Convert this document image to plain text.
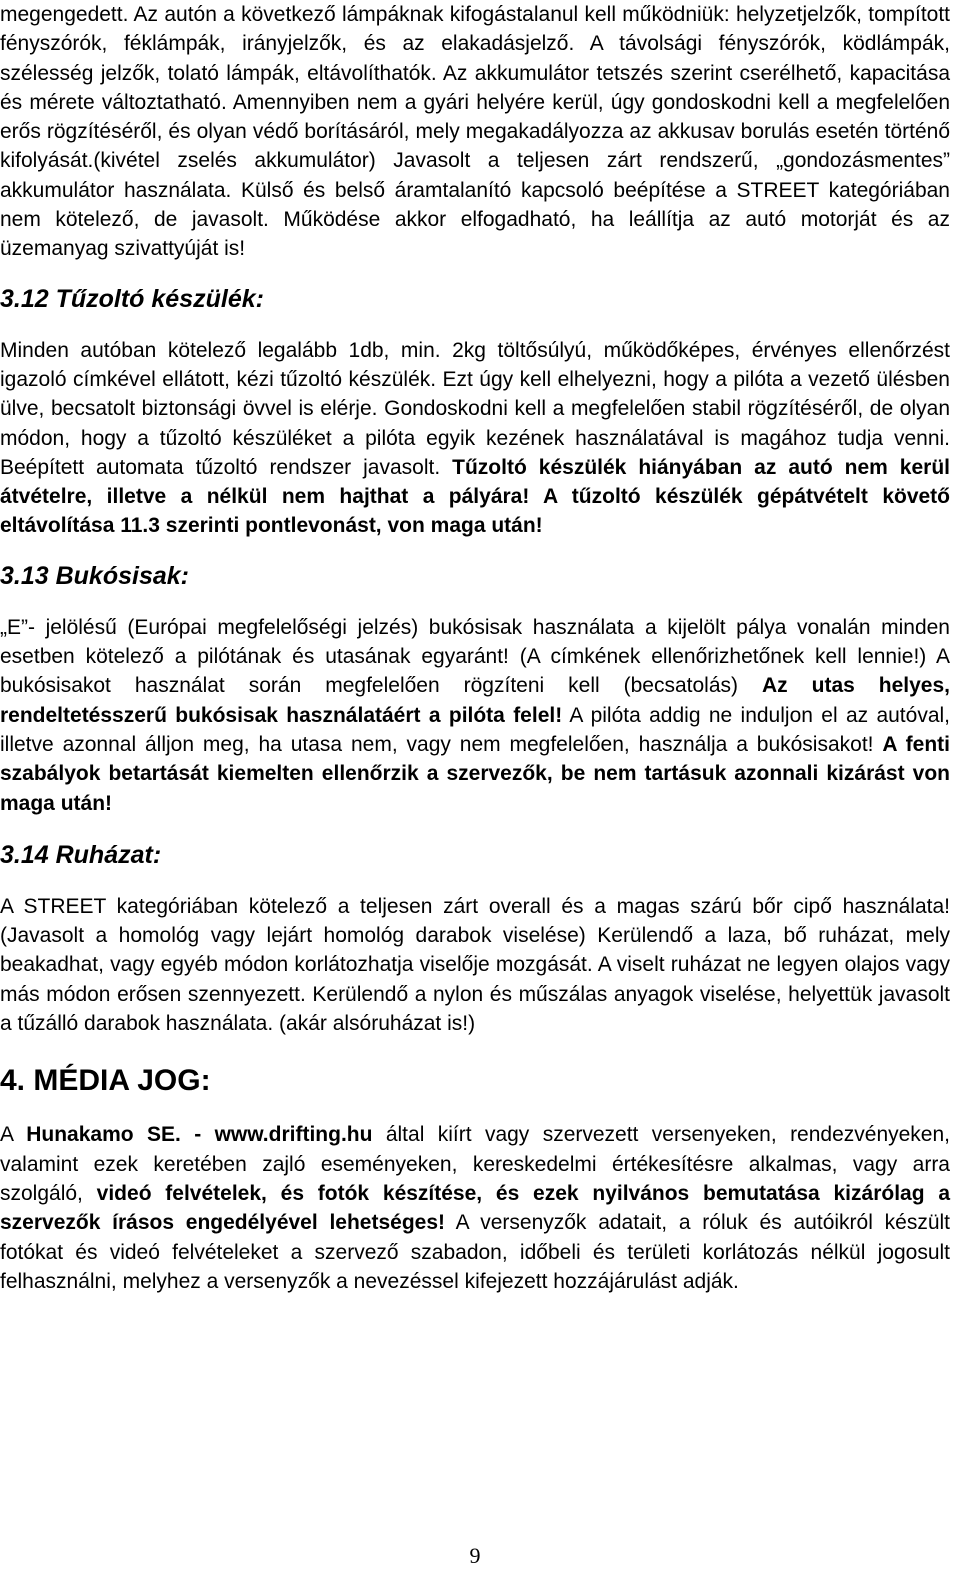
megengedett. Az autón a következő lámpáknak kifogástalanul kell működniük: helyzetjelzők, tompított fényszórók, féklámpák, irányjelzők, és az elakadásjelző. A távolsági fényszórók, ködlámpák, szélesség jelzők, tolató lámpák, eltávolíthatók. Az akkumulátor tetszés szerint cserélhető, kapacitása és mérete változtatható. Amennyiben nem a gyári helyére kerül, úgy gondoskodni kell a megfelelően erős rögzítéséről, és olyan védő borításáról, mely megakadályozza az akkusav borulás esetén történő kifolyását.(kivétel zselés akkumulátor) Javasolt a teljesen zárt rendszerű, „gondozásmentes” akkumulátor használata. Külső és belső áramtalanító kapcsoló beépítése a STREET kategóriában nem kötelező, de javasolt. Működése akkor elfogadható, ha leállítja az autó motorját és az üzemanyag szivattyúját is!

3.12 Tűzoltó készülék:

Minden autóban kötelező legalább 1db, min. 2kg töltősúlyú, működőképes, érvényes ellenőrzést igazoló címkével ellátott, kézi tűzoltó készülék. Ezt úgy kell elhelyezni, hogy a pilóta a vezető ülésben ülve, becsatolt biztonsági övvel is elérje. Gondoskodni kell a megfelelően stabil rögzítéséről, de olyan módon, hogy a tűzoltó készüléket a pilóta egyik kezének használatával is magához tudja venni. Beépített automata tűzoltó rendszer javasolt. Tűzoltó készülék hiányában az autó nem kerül átvételre, illetve a nélkül nem hajthat a pályára! A tűzoltó készülék gépátvételt követő eltávolítása 11.3 szerinti pontlevonást, von maga után!

3.13 Bukósisak:

„E”- jelölésű (Európai megfelelőségi jelzés) bukósisak használata a kijelölt pálya vonalán minden esetben kötelező a pilótának és utasának egyaránt! (A címkének ellenőrizhetőnek kell lennie!) A bukósisakot használat során megfelelően rögzíteni kell (becsatolás) Az utas helyes, rendeltetésszerű bukósisak használatáért a pilóta felel! A pilóta addig ne induljon el az autóval, illetve azonnal álljon meg, ha utasa nem, vagy nem megfelelően, használja a bukósisakot! A fenti szabályok betartását kiemelten ellenőrzik a szervezők, be nem tartásuk azonnali kizárást von maga után!

3.14 Ruházat:

A STREET kategóriában kötelező a teljesen zárt overall és a magas szárú bőr cipő használata! (Javasolt a homológ vagy lejárt homológ darabok viselése) Kerülendő a laza, bő ruházat, mely beakadhat, vagy egyéb módon korlátozhatja viselője mozgását. A viselt ruházat ne legyen olajos vagy más módon erősen szennyezett. Kerülendő a nylon és műszálas anyagok viselése, helyettük javasolt a tűzálló darabok használata. (akár alsóruházat is!)

4. MÉDIA JOG:

A Hunakamo SE. - www.drifting.hu által kiírt vagy szervezett versenyeken, rendezvényeken, valamint ezek keretében zajló eseményeken, kereskedelmi értékesítésre alkalmas, vagy arra szolgáló, videó felvételek, és fotók készítése, és ezek nyilvános bemutatása kizárólag a szervezők írásos engedélyével lehetséges! A versenyzők adatait, a róluk és autóikról készült fotókat és videó felvételeket a szervező szabadon, időbeli és területi korlátozás nélkül jogosult felhasználni, melyhez a versenyzők a nevezéssel kifejezett hozzájárulást adják.

9
